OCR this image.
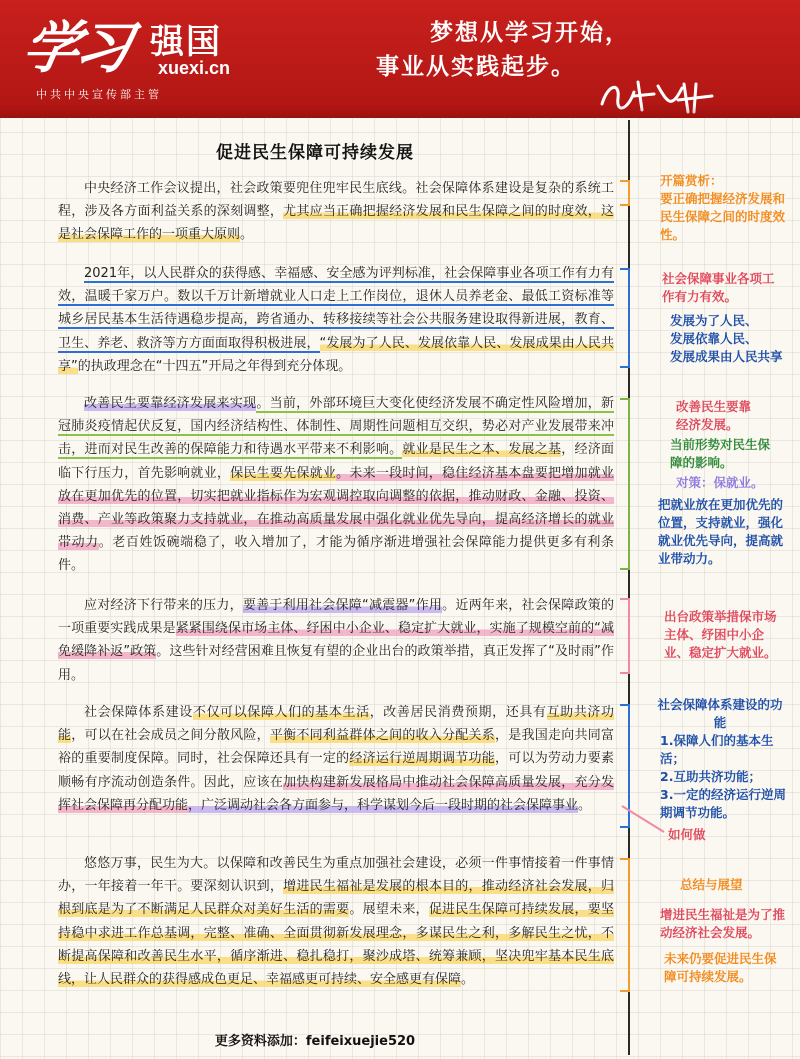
学习 强国
xuexi.cn
中共中央宣传部主管
梦想从学习开始，
事业从实践起步。
促进民生保障可持续发展

中央经济工作会议提出，社会政策要兜住兜牢民生底线。社会保障体系建设是复杂的系统工程，涉及各方面利益关系的深刻调整，尤其应当正确把握经济发展和民生保障之间的时度效，这是社会保障工作的一项重大原则。

2021年，以人民群众的获得感、幸福感、安全感为评判标准，社会保障事业各项工作有力有效，温暖千家万户。数以千万计新增就业人口走上工作岗位，退休人员养老金、最低工资标准等城乡居民基本生活待遇稳步提高，跨省通办、转移接续等社会公共服务建设取得新进展，教育、卫生、养老、救济等方方面面取得积极进展，“发展为了人民、发展依靠人民、发展成果由人民共享”的执政理念在“十四五”开局之年得到充分体现。

改善民生要靠经济发展来实现。当前，外部环境巨大变化使经济发展不确定性风险增加，新冠肺炎疫情起伏反复，国内经济结构性、体制性、周期性问题相互交织，势必对产业发展带来冲击，进而对民生改善的保障能力和待遇水平带来不利影响。就业是民生之本、发展之基，经济面临下行压力，首先影响就业，保民生要先保就业。未来一段时间，稳住经济基本盘要把增加就业放在更加优先的位置，切实把就业指标作为宏观调控取向调整的依据，推动财政、金融、投资、消费、产业等政策聚力支持就业，在推动高质量发展中强化就业优先导向，提高经济增长的就业带动力。老百姓饭碗端稳了，收入增加了，才能为循序渐进增强社会保障能力提供更多有利条件。

应对经济下行带来的压力，要善于利用社会保障“减震器”作用。近两年来，社会保障政策的一项重要实践成果是紧紧围绕保市场主体、纾困中小企业、稳定扩大就业，实施了规模空前的“减免缓降补返”政策。这些针对经营困难且恢复有望的企业出台的政策举措，真正发挥了“及时雨”作用。

社会保障体系建设不仅可以保障人们的基本生活，改善居民消费预期，还具有互助共济功能，可以在社会成员之间分散风险，平衡不同利益群体之间的收入分配关系，是我国走向共同富裕的重要制度保障。同时，社会保障还具有一定的经济运行逆周期调节功能，可以为劳动力要素顺畅有序流动创造条件。因此，应该在加快构建新发展格局中推动社会保障高质量发展，充分发挥社会保障再分配功能，广泛调动社会各方面参与，科学谋划今后一段时期的社会保障事业。

悠悠万事，民生为大。以保障和改善民生为重点加强社会建设，必须一件事情接着一件事情办，一年接着一年干。要深刻认识到，增进民生福祉是发展的根本目的，推动经济社会发展，归根到底是为了不断满足人民群众对美好生活的需要。展望未来，促进民生保障可持续发展，要坚持稳中求进工作总基调，完整、准确、全面贯彻新发展理念，多谋民生之利，多解民生之忧，不断提高保障和改善民生水平，循序渐进、稳扎稳打，聚沙成塔、统筹兼顾，坚决兜牢基本民生底线，让人民群众的获得感成色更足、幸福感更可持续、安全感更有保障。

开篇赏析：
要正确把握经济发展和民生保障之间的时度效性。
社会保障事业各项工作有力有效。
发展为了人民、
发展依靠人民、
发展成果由人民共享
改善民生要靠
经济发展。
当前形势对民生保障的影响。
对策：保就业。
把就业放在更加优先的位置，支持就业，强化就业优先导向，提高就业带动力。
出台政策举措保市场主体、纾困中小企业、稳定扩大就业。
社会保障体系建设的功能
1.保障人们的基本生活；
2.互助共济功能；
3.一定的经济运行逆周期调节功能。
如何做
总结与展望
增进民生福祉是为了推动经济社会发展。
未来仍要促进民生保障可持续发展。
更多资料添加：feifeixuejie520
